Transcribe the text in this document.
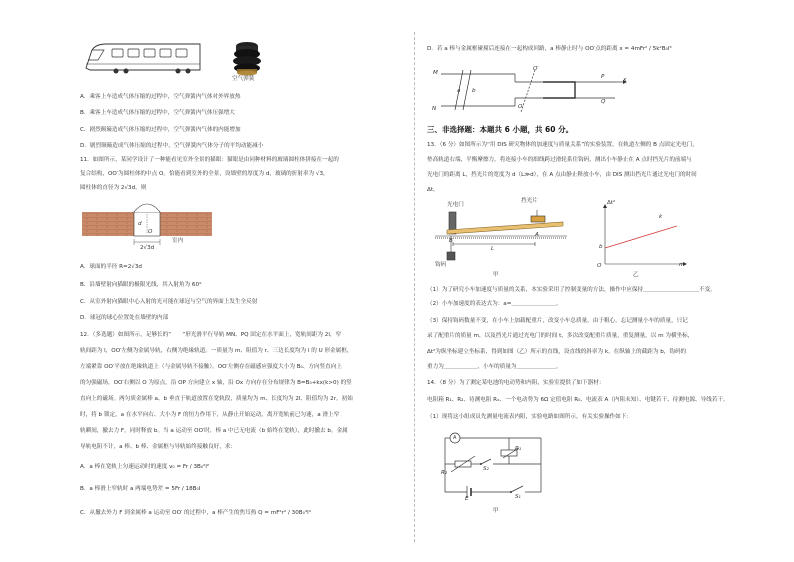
空气弹簧
A．乘客上车造成气体压缩的过程中，空气弹簧内气体对外界放热
B．乘客上车造成气体压缩的过程中，空气弹簧内气体压强增大
C．剧烈颠簸造成气体压缩的过程中，空气弹簧内气体的内能增加
D．剧烈颠簸造成气体压缩的过程中，空气弹簧内气体分子的平均动能减小
11．如图所示，某同学设计了一种能看见室外全景的猫眼：猫眼是由同种材料的玻璃圆柱体拼接在一起的
复合结构，OO′为圆柱体的中点 O。恰能看到室外的全景，设墙壁的厚度为 d，玻璃的折射率为 √3，
圆柱体的直径为 2√3d，则
d
O
室内
2√3d
A．球面的半径 R=2√3d
B．沿墙壁射向猫眼的极限光线，其入射角为 60°
C．从室外射向猫眼中心入射的光可能在球冠与空气的界面上发生全反射
D．球冠的球心位置处在墙壁的内部
12．（多选题）如图所示，足够长的“　　”形光滑平行导轨 MN、PQ 固定在水平面上，宽轨间距为 2l，窄
轨间距为 l，OO′左侧为金属导轨，右侧为绝缘轨道。一质量为 m、阻值为 r、三边长度均为 l 的 U 形金属框，
左端紧靠 OO′平放在绝缘轨道上（与金属导轨不接触）。OO′左侧存在磁感应强度大小为 B₀、方向竖直向上
的匀强磁场，OO′右侧以 O 为原点，沿 OP 方向建立 x 轴，沿 Ox 方向存在分布规律为 B=B₀+kx(k>0) 的竖
直向上的磁场。两匀质金属棒 a、b 垂直于轨道放置在宽轨段，质量均为 m、长度均为 2l、阻值均为 2r。初始
时，将 b 锁定，a 在水平向右、大小为 F 的恒力作用下，从静止开始运动，离开宽轨前已匀速，a 滑上窄
轨瞬间，撤去力 F，同时释放 b。当 a 运动至 OO′时，棒 a 中已无电流（b 始终在宽轨），此时撤去 b。金属
导轨电阻不计，a 棒、b 棒、金属框与导轨始终接触良好，求：
A．a 棒在宽轨上匀速运动时的速度 v₀ = Fr / 3B₀²l²
B．a 棒滑上窄轨时 a 两端电势差 = 5Fr / 18B₀l
C．从撤去外力 F 到金属棒 a 运动至 OO′ 的过程中，a 棒产生的焦耳热 Q = mF²r² / 30B₀⁴l⁴
D．若 a 棒与金属框碰撞后连接在一起构成回路，a 棒静止时与 OO′点的距离 x = 4mFr² / 5k²B₀l³
M
N
a b
O
O′
P
Q
x
三、非选择题：本题共 6 小题，共 60 分。
13．（6 分）如图所示为“用 DIS 研究物体的加速度与质量关系”的实验装置，在轨道左侧的 B 点固定光电门，
垫高轨道右端，平衡摩擦力，将连接小车的细线跨过滑轮系住钩码，测出小车静止在 A 点时挡光片的前端与
光电门的距离 L，挡光片的宽度为 d（L≫d），在 A 点由静止释放小车，由 DIS 测出挡光片通过光电门的时间
Δt。
光电门
挡光片
B
A
L
钩码
甲
Δt²
k
b
O	m
乙
（1）为了研究小车加速度与质量的关系，本实验采用了控制变量的方法，操作中应保持＿＿＿＿＿＿＿＿＿＿不变。
（2）小车加速度的表达式为：a=＿＿＿＿＿＿＿＿。
（3）保持钩码数量不变，在小车上加载配重片，改变小车总质量，由于粗心，忘记测量小车的质量，只记
录了配重片的质量 m，以及挡光片通过光电门的时间 t，多次改变配重片质量，重复测量，以 m 为横坐标，
Δt²为纵坐标建立坐标系，得到如图（乙）所示的直线，设直线的斜率为 k，在纵轴上的截距为 b，钩码的
重力为＿＿＿＿＿＿，小车的质量为＿＿＿＿＿＿＿。
14．（8 分）为了测定某电池的电动势和内阻，实验室提供了如下器材：
电阻箱 R₁、R₂、待测电阻 Rₓ、一个电动势为 6Ω 定值电阻 R₀、电流表 A（内阻未知）、电键若干、待测电源、导线若干。
（1）现将这小组成员先测量电流表内阻，实验电路如图所示，有关实验操作如下：
A
R₁
R₂
S₂
E	S₁
甲
